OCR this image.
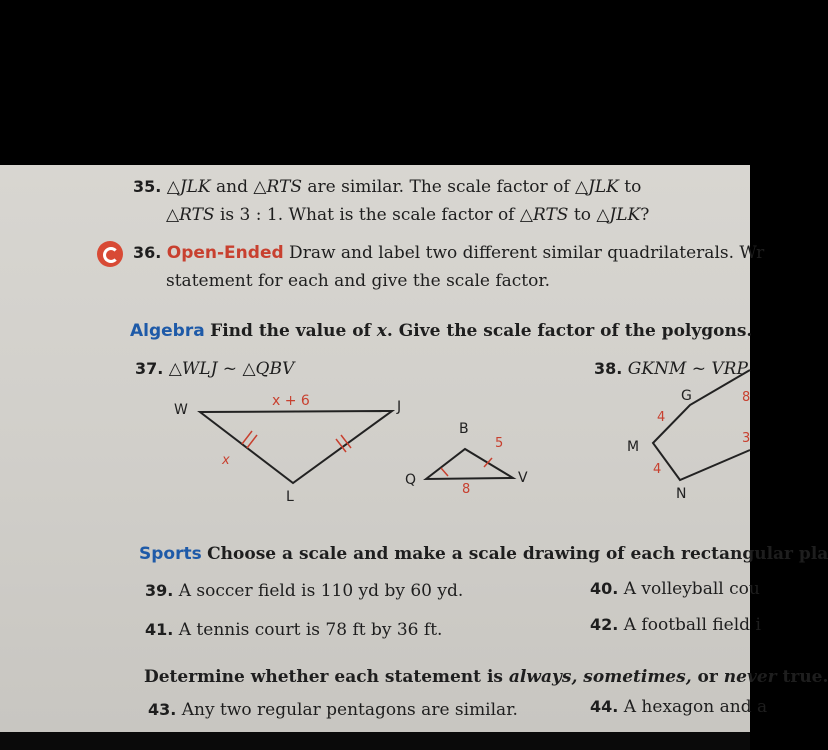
35. △JLK and △RTS are similar. The scale factor of △JLK to
△RTS is 3 : 1. What is the scale factor of △RTS to △JLK?
36. Open-Ended Draw and label two different similar quadrilaterals. Wr
statement for each and give the scale factor.
Algebra Find the value of x. Give the scale factor of the polygons.
37. △WLJ ~ △QBV	38. GKNM ~ VRP
W	J
L
x + 6
x
B
Q	V
5
8
G
M
N
4
4
8
3
Sports Choose a scale and make a scale drawing of each rectangular pla
39. A soccer field is 110 yd by 60 yd.	40. A volleyball cou
41. A tennis court is 78 ft by 36 ft.	42. A football field i
Determine whether each statement is always, sometimes, or never true.
43. Any two regular pentagons are similar.	44. A hexagon and a
